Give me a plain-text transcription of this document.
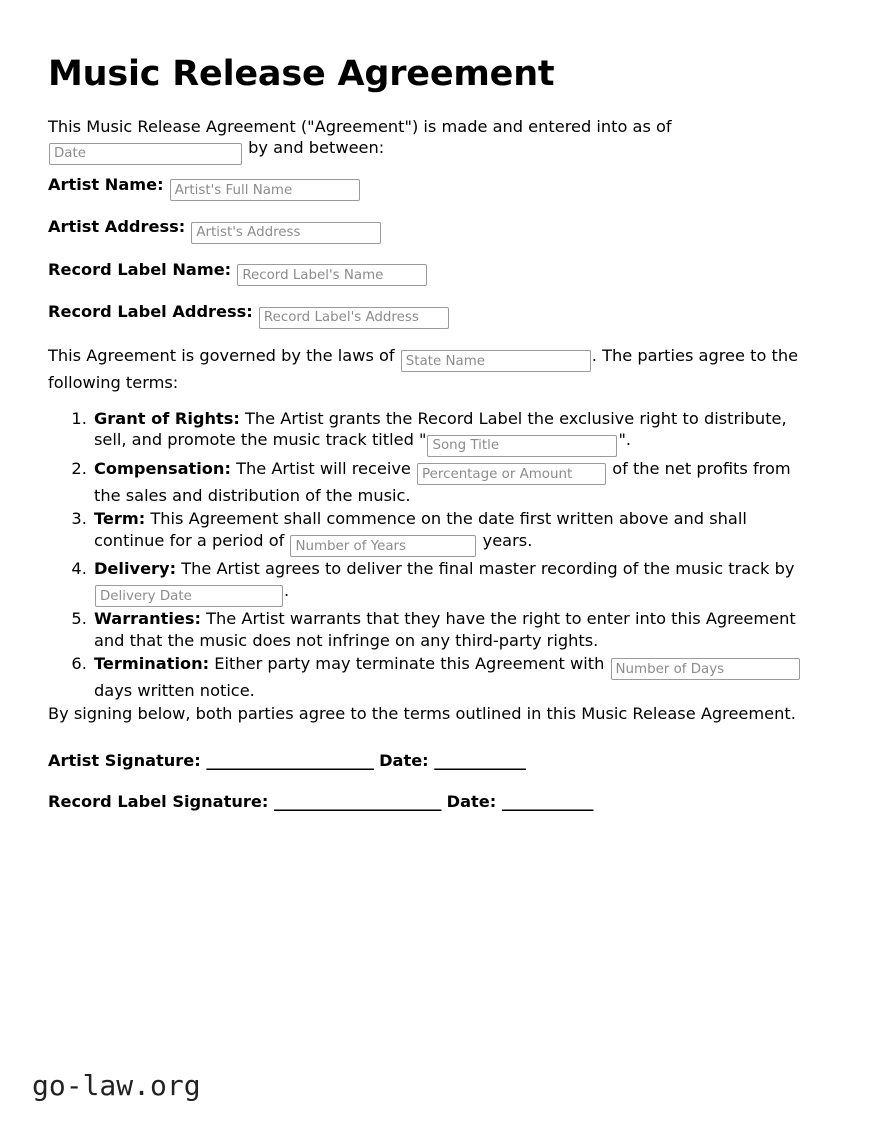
Music Release Agreement

This Music Release Agreement ("Agreement") is made and entered into as of
Date by and between:

Artist Name: Artist's Full Name
Artist Address: Artist's Address
Record Label Name: Record Label's Name
Record Label Address: Record Label's Address

This Agreement is governed by the laws of State Name	. The parties agree to the following terms:

1. Grant of Rights: The Artist grants the Record Label the exclusive right to distribute, sell, and promote the music track titled "Song Title	".
2. Compensation: The Artist will receive Percentage or Amount	of the net profits from the sales and distribution of the music.
3. Term: This Agreement shall commence on the date first written above and shall continue for a period of Number of Years	years.
4. Delivery: The Artist agrees to deliver the final master recording of the music track by Delivery Date.
5. Warranties: The Artist warrants that they have the right to enter into this Agreement and that the music does not infringe on any third-party rights.
6. Termination: Either party may terminate this Agreement with Number of Days days written notice.

By signing below, both parties agree to the terms outlined in this Music Release Agreement.

Artist Signature: ______________________ Date: ____________
Record Label Signature: ______________________ Date: ____________
go-law.org
